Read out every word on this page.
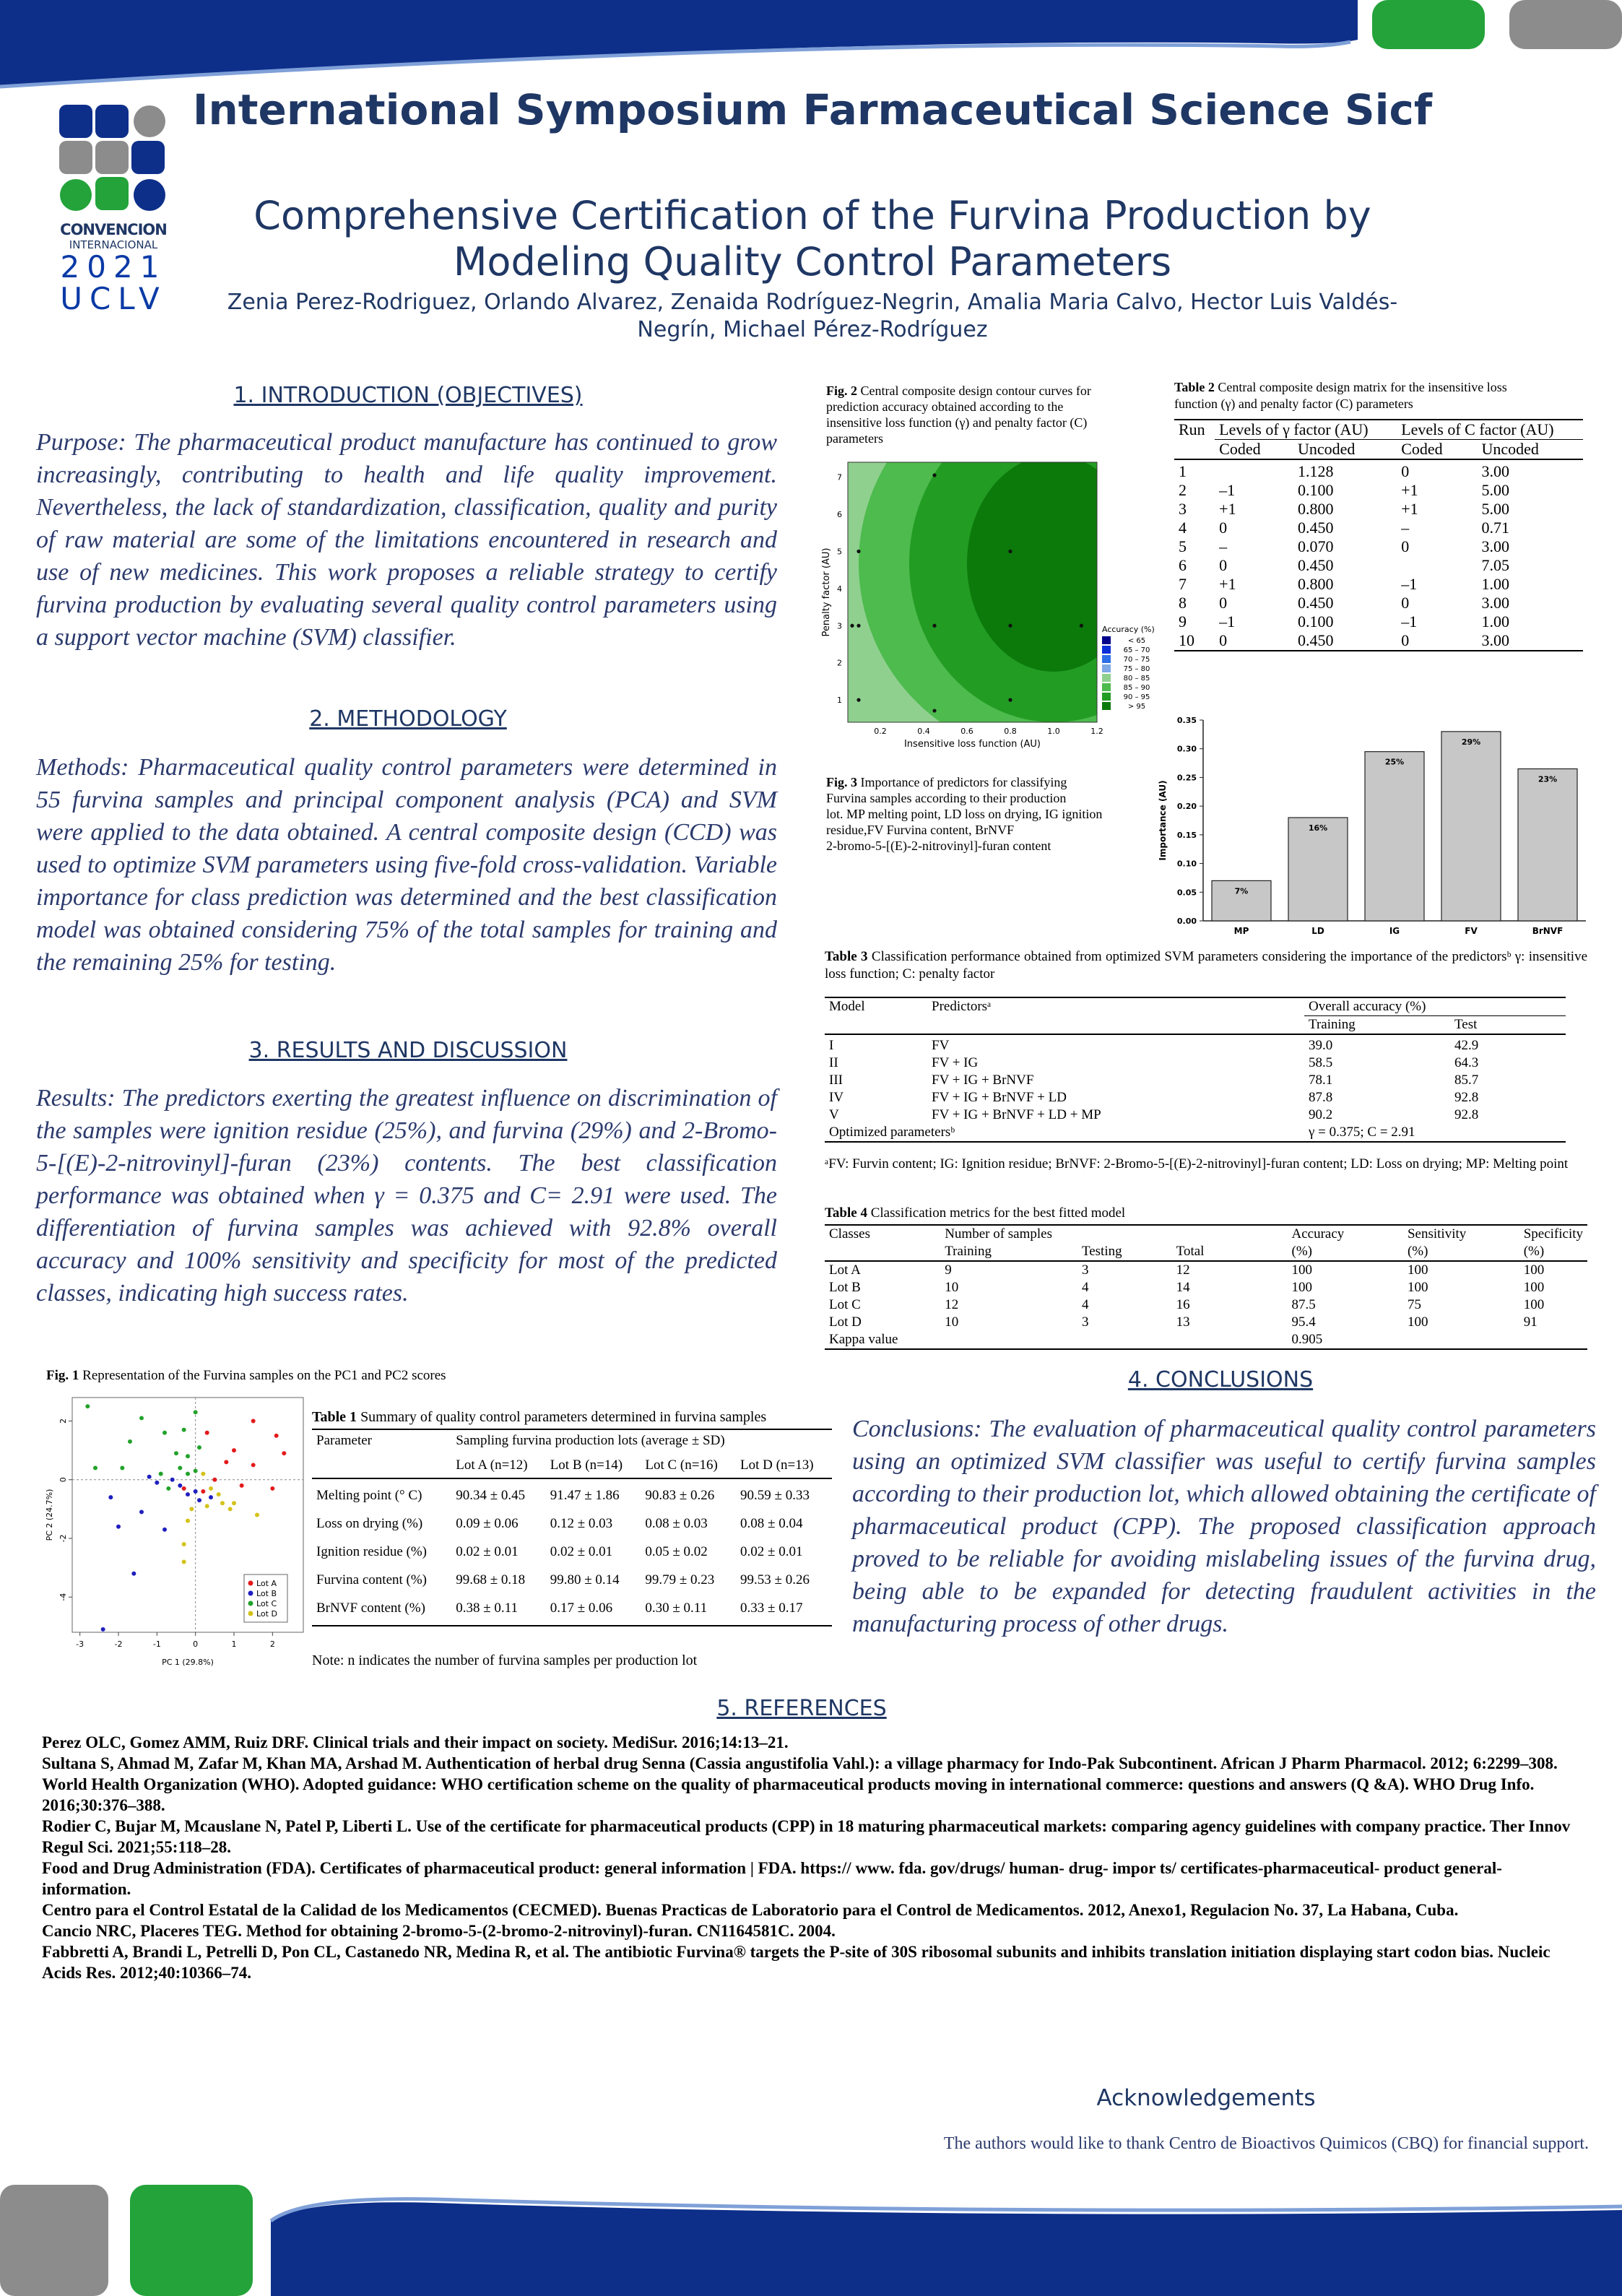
CONVENCION
INTERNACIONAL
2021
UCLV
International Symposium Farmaceutical Science Sicf
Comprehensive Certification of the Furvina Production by
Modeling Quality Control Parameters
Zenia Perez-Rodriguez, Orlando Alvarez, Zenaida Rodríguez-Negrin, Amalia Maria Calvo, Hector Luis Valdés-
Negrín, Michael Pérez-Rodríguez
1. INTRODUCTION (OBJECTIVES)
Purpose: The pharmaceutical product manufacture has continued to grow increasingly, contributing to health and life quality improvement. Nevertheless, the lack of standardization, classification, quality and purity of raw material are some of the limitations encountered in research and use of new medicines. This work proposes a reliable strategy to certify furvina production by evaluating several quality control parameters using a support vector machine (SVM) classifier.
2. METHODOLOGY
Methods: Pharmaceutical quality control parameters were determined in 55 furvina samples and principal component analysis (PCA) and SVM were applied to the data obtained. A central composite design (CCD) was used to optimize SVM parameters using five-fold cross-validation. Variable importance for class prediction was determined and the best classification model was obtained considering 75% of the total samples for training and the remaining 25% for testing.
3. RESULTS AND DISCUSSION
Results: The predictors exerting the greatest influence on discrimination of the samples were ignition residue (25%), and furvina (29%) and 2-Bromo-5-[(E)-2-nitrovinyl]-furan (23%) contents. The best classification performance was obtained when γ = 0.375 and C= 2.91 were used. The differentiation of furvina samples was achieved with 92.8% overall accuracy and 100% sensitivity and specificity for most of the predicted classes, indicating high success rates.
Fig. 1 Representation of the Furvina samples on the PC1 and PC2 scores
-3	-2	-1	0	1	2
2
0
-2
-4
PC 1 (29.8%)
PC 2 (24.7%)
Lot A
Lot B
Lot C
Lot D
Table 1 Summary of quality control parameters determined in furvina samples
Parameter	Sampling furvina production lots (average ± SD)			
	Lot A (n=12)	Lot B (n=14)	Lot C (n=16)	Lot D (n=13)
Melting point (° C)	90.34 ± 0.45	91.47 ± 1.86	90.83 ± 0.26	90.59 ± 0.33
Loss on drying (%)	0.09 ± 0.06	0.12 ± 0.03	0.08 ± 0.03	0.08 ± 0.04
Ignition residue (%)	0.02 ± 0.01	0.02 ± 0.01	0.05 ± 0.02	0.02 ± 0.01
Furvina content (%)	99.68 ± 0.18	99.80 ± 0.14	99.79 ± 0.23	99.53 ± 0.26
BrNVF content (%)	0.38 ± 0.11	0.17 ± 0.06	0.30 ± 0.11	0.33 ± 0.17
Note: n indicates the number of furvina samples per production lot
Fig. 2 Central composite design contour curves for
prediction accuracy obtained according to the
insensitive loss function (γ) and penalty factor (C)
parameters
0.2	0.4	0.6	0.8	1.0	1.2
1
2
3
4
5
6
7
Insensitive loss function (AU)
Penalty factor (AU)	Accuracy (%)
< 65
65 – 70
70 – 75
75 – 80
80 – 85
85 – 90
90 – 95
> 95
Table 2 Central composite design matrix for the insensitive loss
function (γ) and penalty factor (C) parameters
Run	Levels of γ factor (AU)		Levels of C factor (AU)	
	Coded	Uncoded	Coded	Uncoded
1		1.128	0	3.00
2	–1	0.100	+1	5.00
3	+1	0.800	+1	5.00
4	0	0.450	–	0.71
5	–	0.070	0	3.00
6	0	0.450		7.05
7	+1	0.800	–1	1.00
8	0	0.450	0	3.00
9	–1	0.100	–1	1.00
10	0	0.450	0	3.00
Fig. 3 Importance of predictors for classifying
Furvina samples according to their production
lot. MP melting point, LD loss on drying, IG ignition
residue,FV Furvina content, BrNVF
2-bromo-5-[(E)-2-nitrovinyl]-furan content
0.00
0.05
0.10
0.15
0.20
0.25
0.30
0.35
Importance (AU)
7%
MP
16%
LD
25%
IG
29%
FV
23%
BrNVF
Table 3 Classification performance obtained from optimized SVM parameters considering the importance of the predictorsᵇ γ: insensitive loss function; C: penalty factor
Model	Predictorsᵃ	Overall accuracy (%)	
		Training	Test
I	FV	39.0	42.9
II	FV + IG	58.5	64.3
III	FV + IG + BrNVF	78.1	85.7
IV	FV + IG + BrNVF + LD	87.8	92.8
V	FV + IG + BrNVF + LD + MP	90.2	92.8
Optimized parametersᵇ		γ = 0.375; C = 2.91	
ᵃFV: Furvin content; IG: Ignition residue; BrNVF: 2-Bromo-5-[(E)-2-nitrovinyl]-furan content; LD: Loss on drying; MP: Melting point
Table 4 Classification metrics for the best fitted model
Classes	Number of samples			Accuracy	Sensitivity	Specificity
	Training	Testing	Total	(%)	(%)	(%)
Lot A	9	3	12	100	100	100
Lot B	10	4	14	100	100	100
Lot C	12	4	16	87.5	75	100
Lot D	10	3	13	95.4	100	91
Kappa value				0.905		
4. CONCLUSIONS
Conclusions: The evaluation of pharmaceutical quality control parameters using an optimized SVM classifier was useful to certify furvina samples according to their production lot, which allowed obtaining the certificate of pharmaceutical product (CPP). The proposed classification approach proved to be reliable for avoiding mislabeling issues of the furvina drug, being able to be expanded for detecting fraudulent activities in the manufacturing process of other drugs.
5. REFERENCES
Perez OLC, Gomez AMM, Ruiz DRF. Clinical trials and their impact on society. MediSur. 2016;14:13–21.
Sultana S, Ahmad M, Zafar M, Khan MA, Arshad M. Authentication of herbal drug Senna (Cassia angustifolia Vahl.): a village pharmacy for Indo-Pak Subcontinent. African J Pharm Pharmacol. 2012; 6:2299–308.
World Health Organization (WHO). Adopted guidance: WHO certification scheme on the quality of pharmaceutical products moving in international commerce: questions and answers (Q &A). WHO Drug Info. 2016;30:376–388.
Rodier C, Bujar M, Mcauslane N, Patel P, Liberti L. Use of the certificate for pharmaceutical products (CPP) in 18 maturing pharmaceutical markets: comparing agency guidelines with company practice. Ther Innov Regul Sci. 2021;55:118–28.
Food and Drug Administration (FDA). Certificates of pharmaceutical product: general information | FDA. https:// www. fda. gov/drugs/ human- drug- impor ts/ certificates-pharmaceutical- product general- information.
Centro para el Control Estatal de la Calidad de los Medicamentos (CECMED). Buenas Practicas de Laboratorio para el Control de Medicamentos. 2012, Anexo1, Regulacion No. 37, La Habana, Cuba.
Cancio NRC, Placeres TEG. Method for obtaining 2-bromo-5-(2-bromo-2-nitrovinyl)-furan. CN1164581C. 2004.
Fabbretti A, Brandi L, Petrelli D, Pon CL, Castanedo NR, Medina R, et al. The antibiotic Furvina® targets the P-site of 30S ribosomal subunits and inhibits translation initiation displaying start codon bias. Nucleic Acids Res. 2012;40:10366–74.
Acknowledgements
The authors would like to thank Centro de Bioactivos Quimicos (CBQ) for financial support.
